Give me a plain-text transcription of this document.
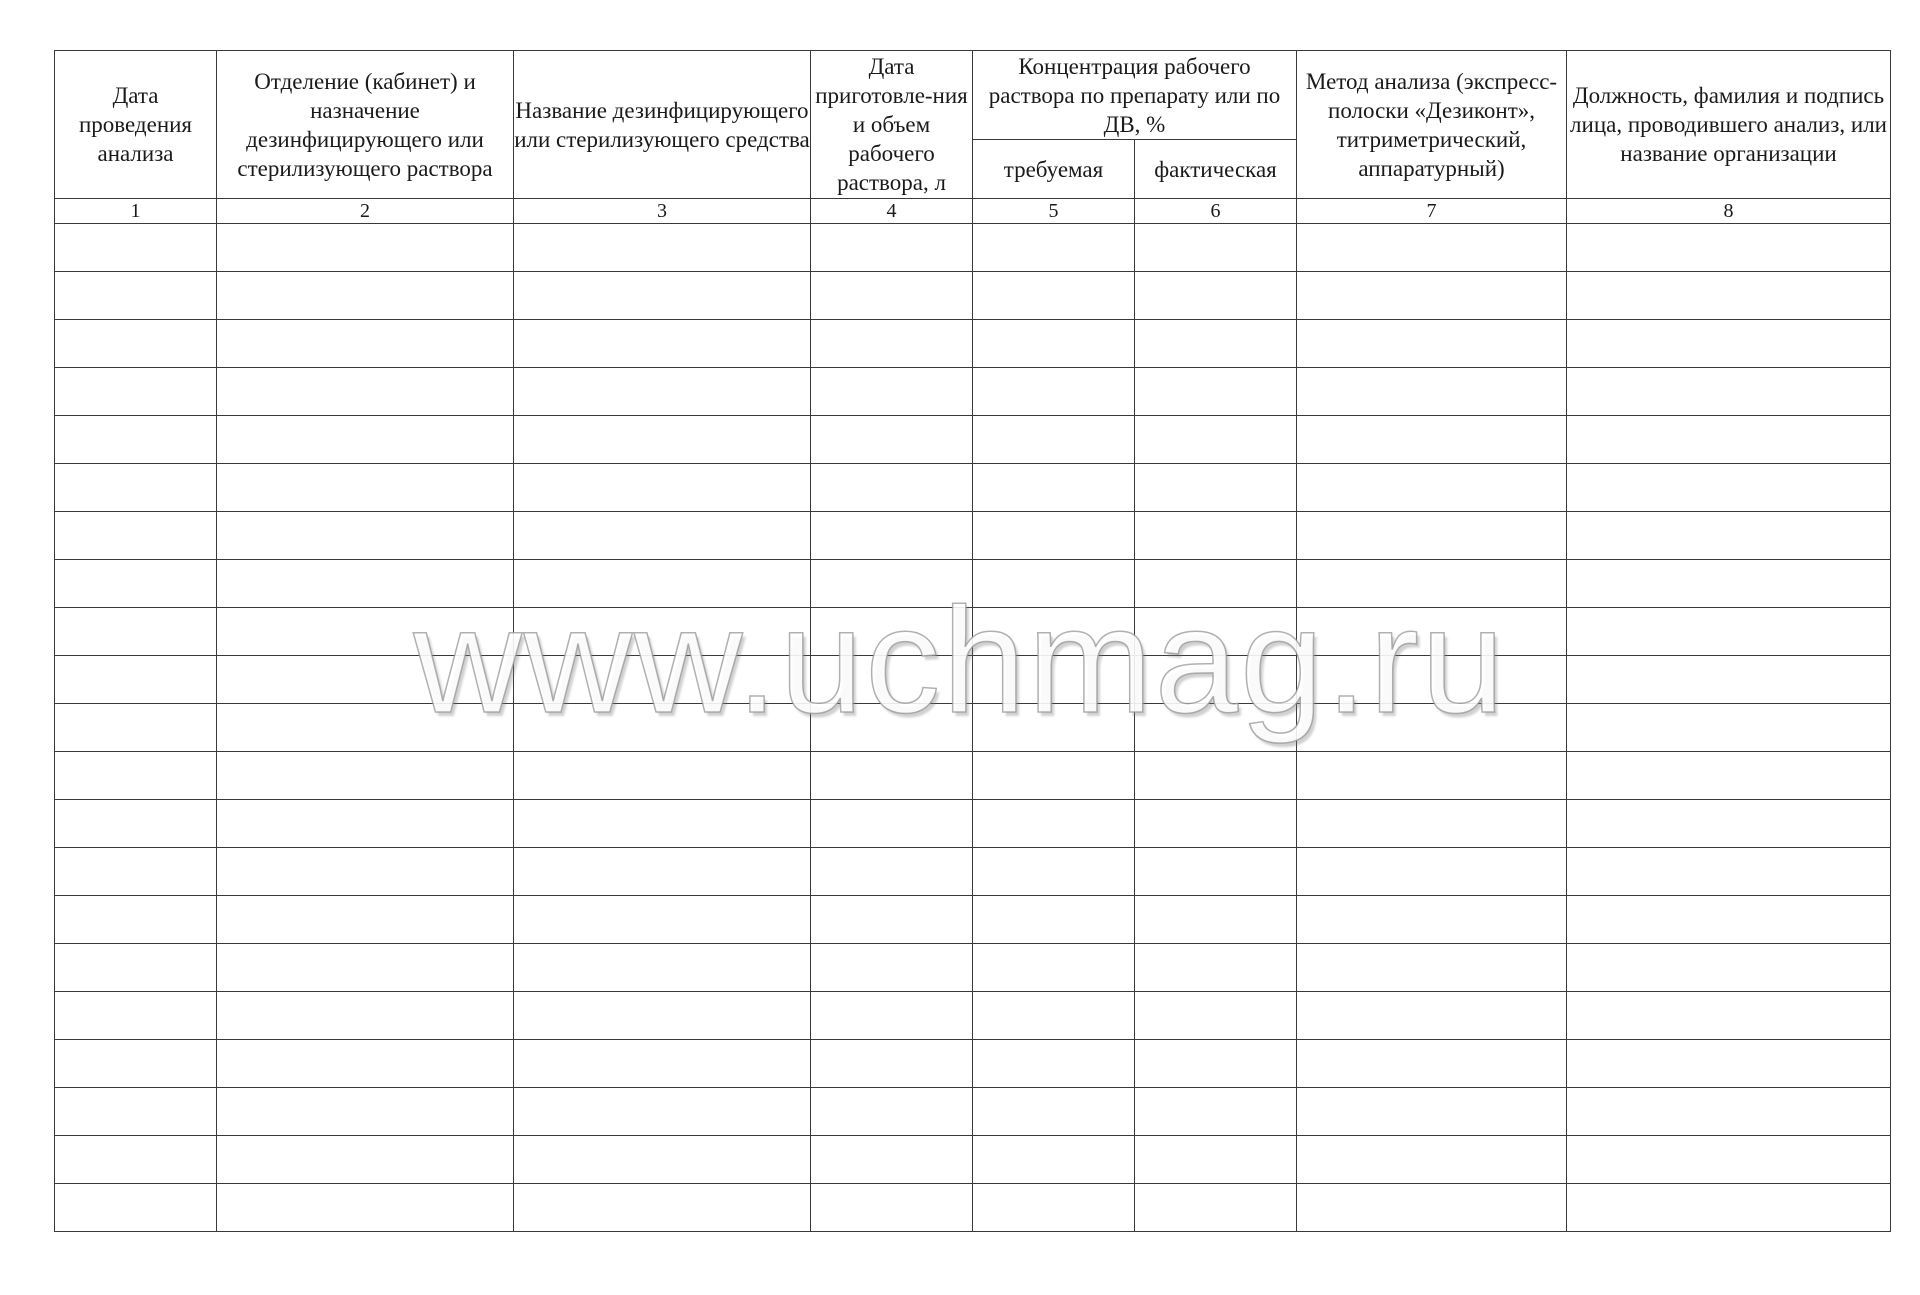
Дата проведения анализа	Отделение (кабинет) и назначение дезинфицирующего или стерилизующего раствора	Название дезинфицирующего или стерилизующего средства	Дата приготовле-ния и объем рабочего раствора, л	Концентрация рабочего раствора по препарату или по ДВ, %		Метод анализа (экспресс-полоски «Дезиконт», титриметрический, аппаратурный)	Должность, фамилия и подпись лица, проводившего анализ, или название организации
				требуемая	фактическая		
1	2	3	4	5	6	7	8

www.uchmag.ru
